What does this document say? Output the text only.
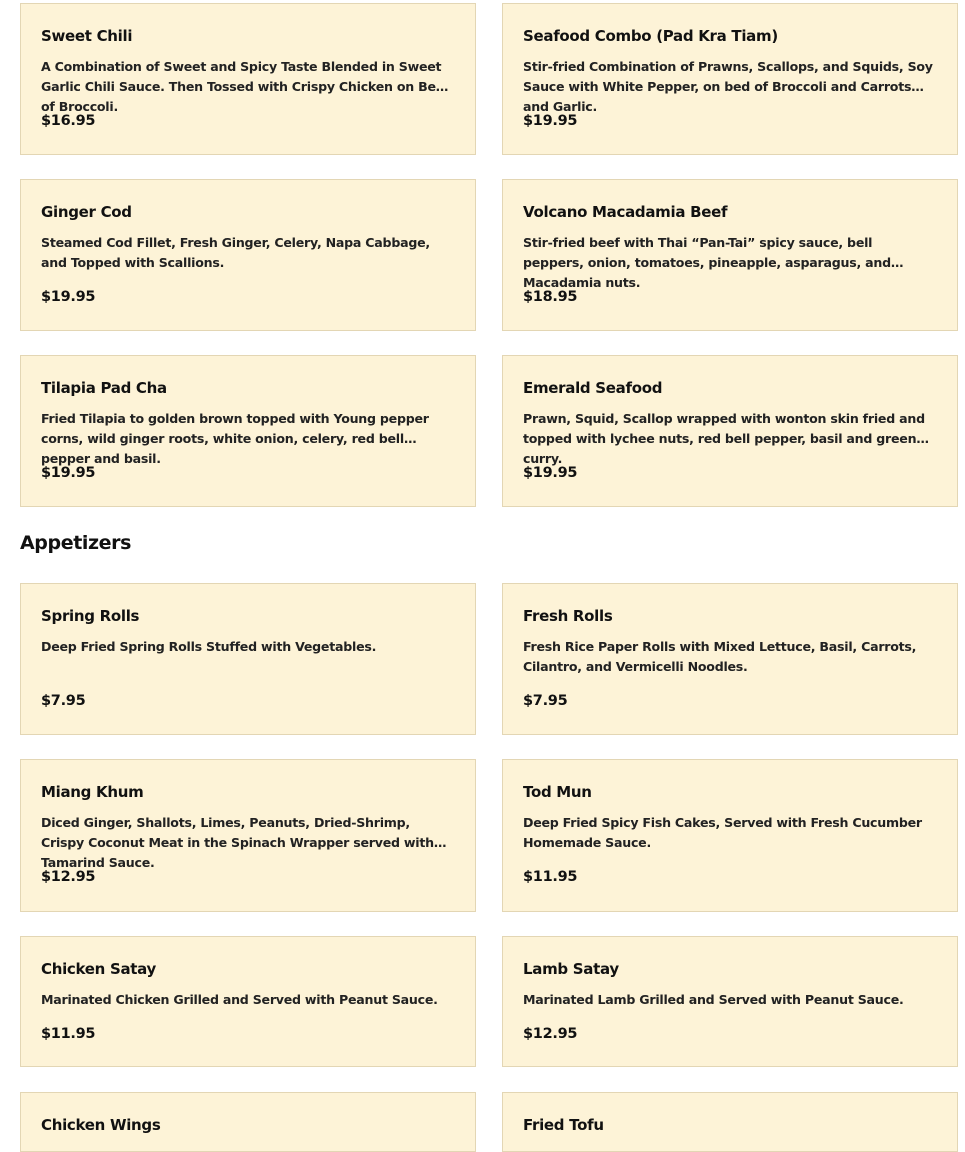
Sweet Chili
A Combination of Sweet and Spicy Taste Blended in Sweet Garlic Chili Sauce. Then Tossed with Crispy Chicken on Bed of Broccoli.
$16.95
Seafood Combo (Pad Kra Tiam)
Stir-fried Combination of Prawns, Scallops, and Squids, Soy Sauce with White Pepper, on bed of Broccoli and Carrots and Garlic.
$19.95
Ginger Cod
Steamed Cod Fillet, Fresh Ginger, Celery, Napa Cabbage, and Topped with Scallions.
$19.95
Volcano Macadamia Beef
Stir-fried beef with Thai “Pan-Tai” spicy sauce, bell peppers, onion, tomatoes, pineapple, asparagus, and Macadamia nuts.
$18.95
Tilapia Pad Cha
Fried Tilapia to golden brown topped with Young pepper corns, wild ginger roots, white onion, celery, red bell pepper and basil.
$19.95
Emerald Seafood
Prawn, Squid, Scallop wrapped with wonton skin fried and topped with lychee nuts, red bell pepper, basil and green curry.
$19.95
Appetizers
Spring Rolls
Deep Fried Spring Rolls Stuffed with Vegetables.
$7.95
Fresh Rolls
Fresh Rice Paper Rolls with Mixed Lettuce, Basil, Carrots, Cilantro, and Vermicelli Noodles.
$7.95
Miang Khum
Diced Ginger, Shallots, Limes, Peanuts, Dried-Shrimp, Crispy Coconut Meat in the Spinach Wrapper served with Tamarind Sauce.
$12.95
Tod Mun
Deep Fried Spicy Fish Cakes, Served with Fresh Cucumber Homemade Sauce.
$11.95
Chicken Satay
Marinated Chicken Grilled and Served with Peanut Sauce.
$11.95
Lamb Satay
Marinated Lamb Grilled and Served with Peanut Sauce.
$12.95
Chicken Wings	Fried Tofu
